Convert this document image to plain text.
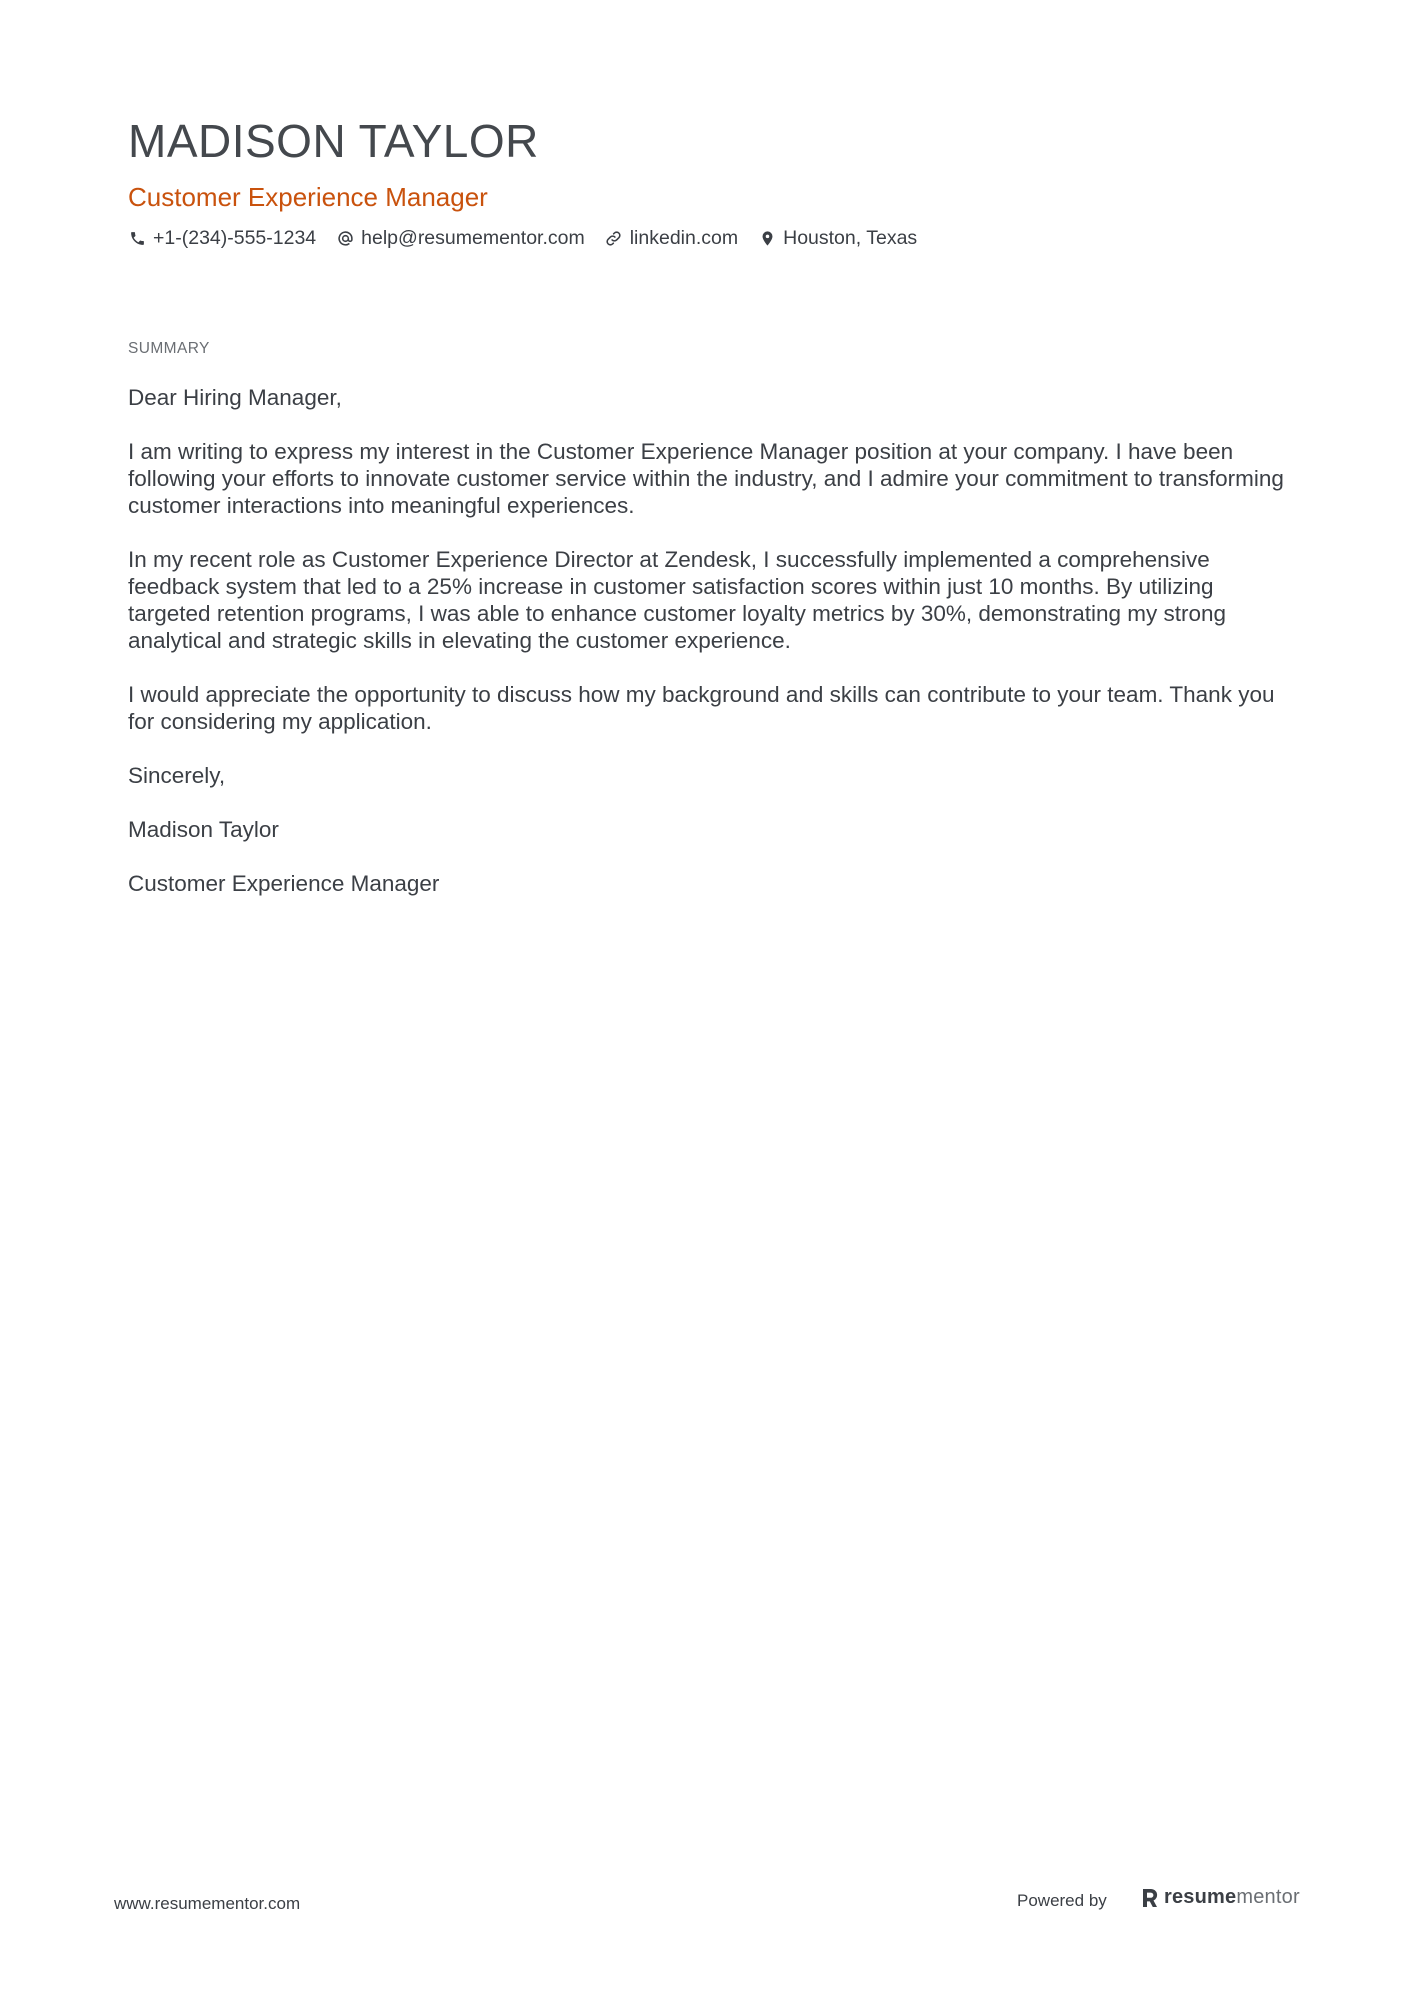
MADISON TAYLOR
Customer Experience Manager
+1-(234)-555-1234 help@resumementor.com linkedin.com Houston, Texas
SUMMARY

Dear Hiring Manager,

I am writing to express my interest in the Customer Experience Manager position at your company. I have been following your efforts to innovate customer service within the industry, and I admire your commitment to transforming customer interactions into meaningful experiences.

In my recent role as Customer Experience Director at Zendesk, I successfully implemented a comprehensive feedback system that led to a 25% increase in customer satisfaction scores within just 10 months. By utilizing targeted retention programs, I was able to enhance customer loyalty metrics by 30%, demonstrating my strong analytical and strategic skills in elevating the customer experience.

I would appreciate the opportunity to discuss how my background and skills can contribute to your team. Thank you for considering my application.

Sincerely,

Madison Taylor

Customer Experience Manager

www.resumementor.com	Powered by	resumementor
